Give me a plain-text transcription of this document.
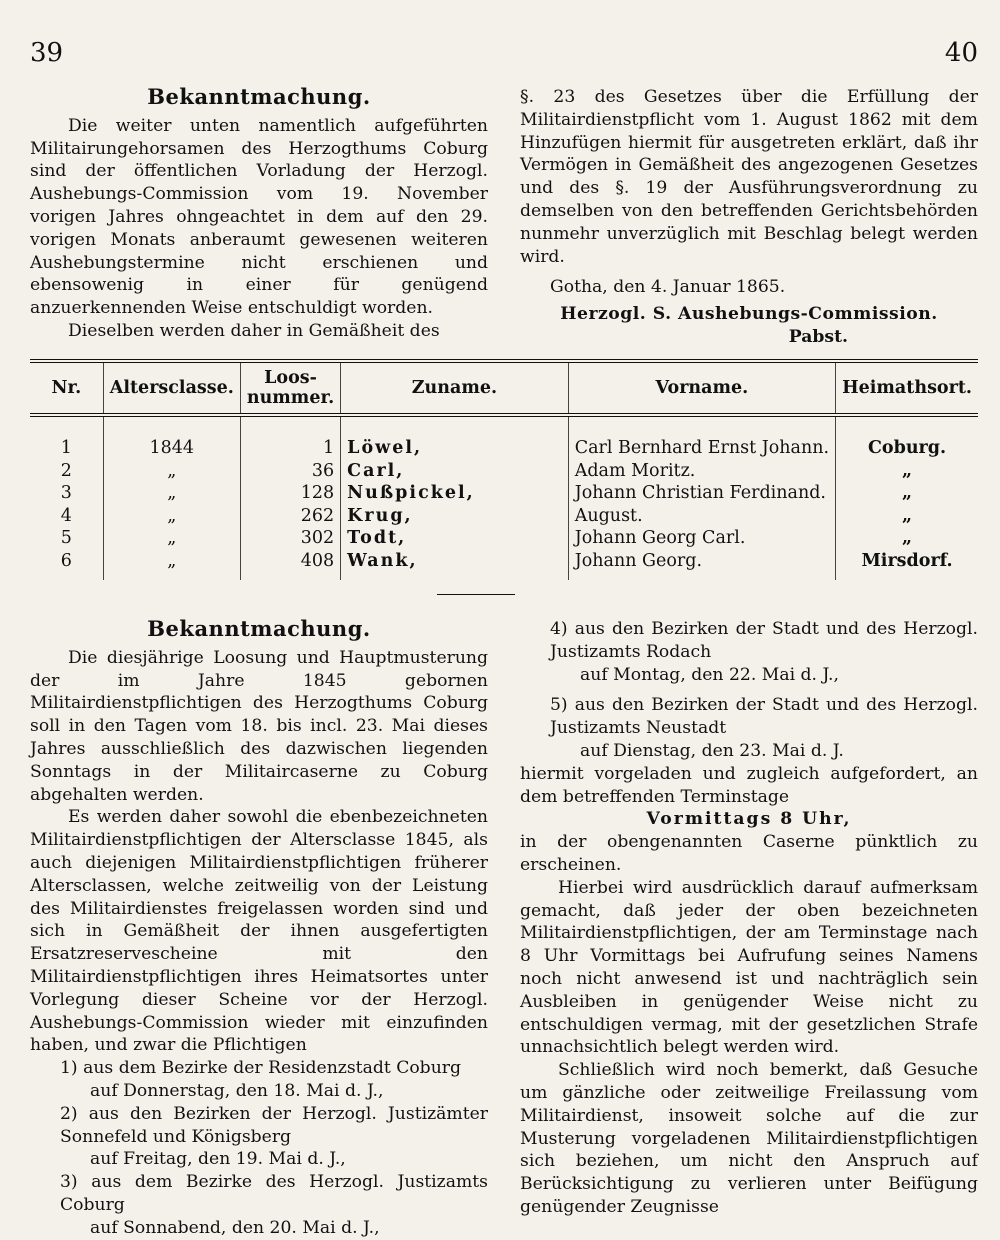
39	40

Bekanntmachung.

Die weiter unten namentlich aufgeführten Militairungehorsamen des Herzogthums Coburg sind der öffentlichen Vorladung der Herzogl. Aushebungs-Commission vom 19. November vorigen Jahres ohngeachtet in dem auf den 29. vorigen Monats anberaumt gewesenen weiteren Aushebungstermine nicht erschienen und ebensowenig in einer für genügend anzuerkennenden Weise entschuldigt worden.

Dieselben werden daher in Gemäßheit des

§. 23 des Gesetzes über die Erfüllung der Militairdienstpflicht vom 1. August 1862 mit dem Hinzufügen hiermit für ausgetreten erklärt, daß ihr Vermögen in Gemäßheit des angezogenen Gesetzes und des §. 19 der Ausführungsverordnung zu demselben von den betreffenden Gerichtsbehörden nunmehr unverzüglich mit Beschlag belegt werden wird.

Gotha, den 4. Januar 1865.

Herzogl. S. Aushebungs-Commission.

Pabst.

Nr.	Altersclasse.	Loos-nummer.	Zuname.	Vorname.	Heimathsort.
1	1844	1	Löwel,	Carl Bernhard Ernst Johann.	Coburg.
2	„	36	Carl,	Adam Moritz.	„
3	„	128	Nußpickel,	Johann Christian Ferdinand.	„
4	„	262	Krug,	August.	„
5	„	302	Todt,	Johann Georg Carl.	„
6	„	408	Wank,	Johann Georg.	Mirsdorf.

Bekanntmachung.

Die diesjährige Loosung und Hauptmusterung der im Jahre 1845 gebornen Militairdienstpflichtigen des Herzogthums Coburg soll in den Tagen vom 18. bis incl. 23. Mai dieses Jahres ausschließlich des dazwischen liegenden Sonntags in der Militaircaserne zu Coburg abgehalten werden.

Es werden daher sowohl die ebenbezeichneten Militairdienstpflichtigen der Altersclasse 1845, als auch diejenigen Militairdienstpflichtigen früherer Altersclassen, welche zeitweilig von der Leistung des Militairdienstes freigelassen worden sind und sich in Gemäßheit der ihnen ausgefertigten Ersatzreservescheine mit den Militairdienstpflichtigen ihres Heimatsortes unter Vorlegung dieser Scheine vor der Herzogl. Aushebungs-Commission wieder mit einzufinden haben, und zwar die Pflichtigen

1) aus dem Bezirke der Residenzstadt Coburg
auf Donnerstag, den 18. Mai d. J.,
2) aus den Bezirken der Herzogl. Justizämter Sonnefeld und Königsberg
auf Freitag, den 19. Mai d. J.,
3) aus dem Bezirke des Herzogl. Justizamts Coburg
auf Sonnabend, den 20. Mai d. J.,
4) aus den Bezirken der Stadt und des Herzogl. Justizamts Rodach
auf Montag, den 22. Mai d. J.,
5) aus den Bezirken der Stadt und des Herzogl. Justizamts Neustadt
auf Dienstag, den 23. Mai d. J.

hiermit vorgeladen und zugleich aufgefordert, an dem betreffenden Terminstage

Vormittags 8 Uhr,

in der obengenannten Caserne pünktlich zu erscheinen.

Hierbei wird ausdrücklich darauf aufmerksam gemacht, daß jeder der oben bezeichneten Militairdienstpflichtigen, der am Terminstage nach 8 Uhr Vormittags bei Aufrufung seines Namens noch nicht anwesend ist und nachträglich sein Ausbleiben in genügender Weise nicht zu entschuldigen vermag, mit der gesetzlichen Strafe unnachsichtlich belegt werden wird.

Schließlich wird noch bemerkt, daß Gesuche um gänzliche oder zeitweilige Freilassung vom Militairdienst, insoweit solche auf die zur Musterung vorgeladenen Militairdienstpflichtigen sich beziehen, um nicht den Anspruch auf Berücksichtigung zu verlieren unter Beifügung genügender Zeugnisse
